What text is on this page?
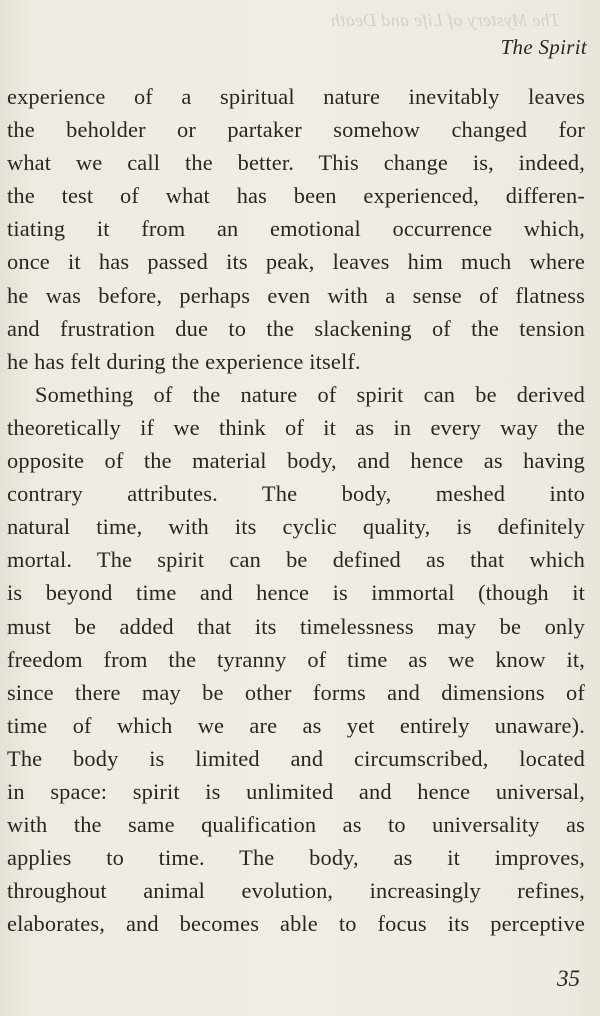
The Mystery of Life and Death
The Spirit
experience of a spiritual nature inevitably leaves
the beholder or partaker somehow changed for
what we call the better. This change is, indeed,
the test of what has been experienced, differen-
tiating it from an emotional occurrence which,
once it has passed its peak, leaves him much where
he was before, perhaps even with a sense of flatness
and frustration due to the slackening of the tension
he has felt during the experience itself.
Something of the nature of spirit can be derived
theoretically if we think of it as in every way the
opposite of the material body, and hence as having
contrary attributes. The body, meshed into
natural time, with its cyclic quality, is definitely
mortal. The spirit can be defined as that which
is beyond time and hence is immortal (though it
must be added that its timelessness may be only
freedom from the tyranny of time as we know it,
since there may be other forms and dimensions of
time of which we are as yet entirely unaware).
The body is limited and circumscribed, located
in space: spirit is unlimited and hence universal,
with the same qualification as to universality as
applies to time. The body, as it improves,
throughout animal evolution, increasingly refines,
elaborates, and becomes able to focus its perceptive
35
